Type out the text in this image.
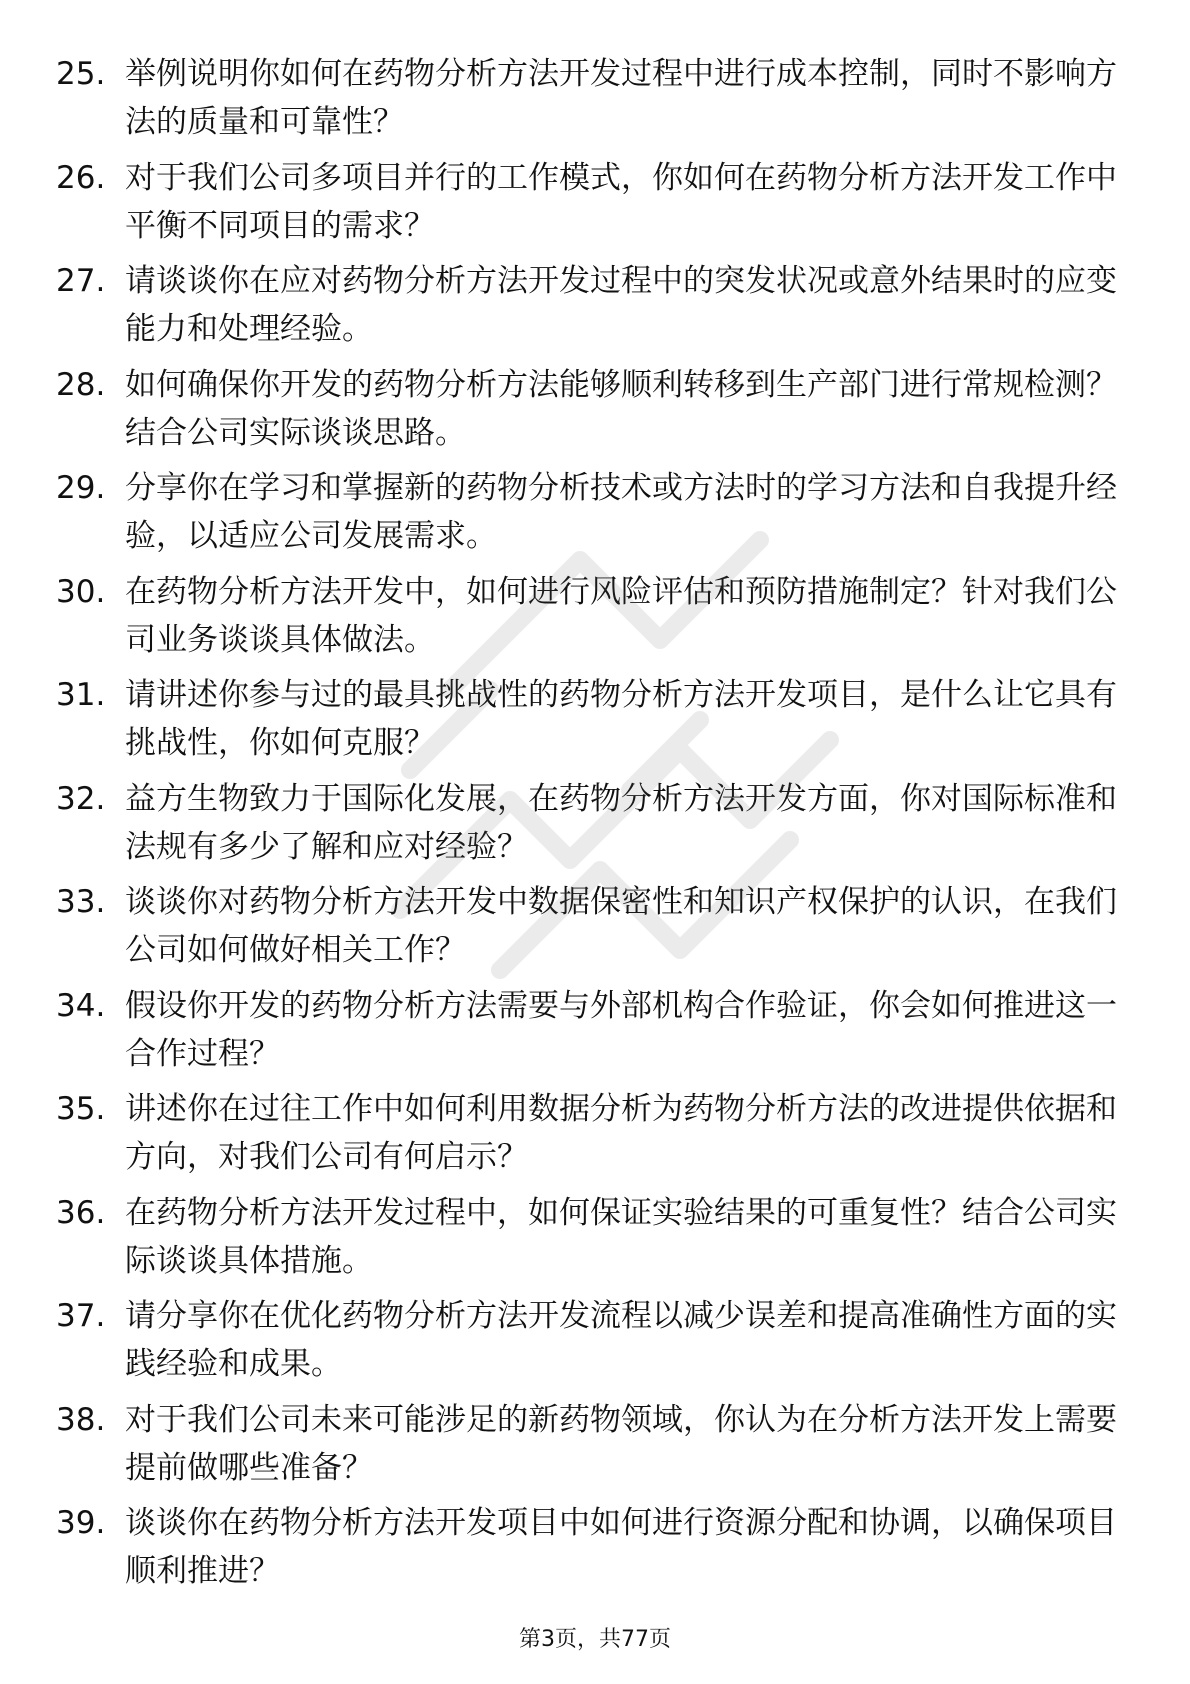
25. 举例说明你如何在药物分析方法开发过程中进行成本控制，同时不影响方法的质量和可靠性？
26. 对于我们公司多项目并行的工作模式，你如何在药物分析方法开发工作中平衡不同项目的需求？
27. 请谈谈你在应对药物分析方法开发过程中的突发状况或意外结果时的应变能力和处理经验。
28. 如何确保你开发的药物分析方法能够顺利转移到生产部门进行常规检测？结合公司实际谈谈思路。
29. 分享你在学习和掌握新的药物分析技术或方法时的学习方法和自我提升经验，以适应公司发展需求。
30. 在药物分析方法开发中，如何进行风险评估和预防措施制定？针对我们公司业务谈谈具体做法。
31. 请讲述你参与过的最具挑战性的药物分析方法开发项目，是什么让它具有挑战性，你如何克服？
32. 益方生物致力于国际化发展，在药物分析方法开发方面，你对国际标准和法规有多少了解和应对经验？
33. 谈谈你对药物分析方法开发中数据保密性和知识产权保护的认识，在我们公司如何做好相关工作？
34. 假设你开发的药物分析方法需要与外部机构合作验证，你会如何推进这一合作过程？
35. 讲述你在过往工作中如何利用数据分析为药物分析方法的改进提供依据和方向，对我们公司有何启示？
36. 在药物分析方法开发过程中，如何保证实验结果的可重复性？结合公司实际谈谈具体措施。
37. 请分享你在优化药物分析方法开发流程以减少误差和提高准确性方面的实践经验和成果。
38. 对于我们公司未来可能涉足的新药物领域，你认为在分析方法开发上需要提前做哪些准备？
39. 谈谈你在药物分析方法开发项目中如何进行资源分配和协调，以确保项目顺利推进？
第3页，共77页
